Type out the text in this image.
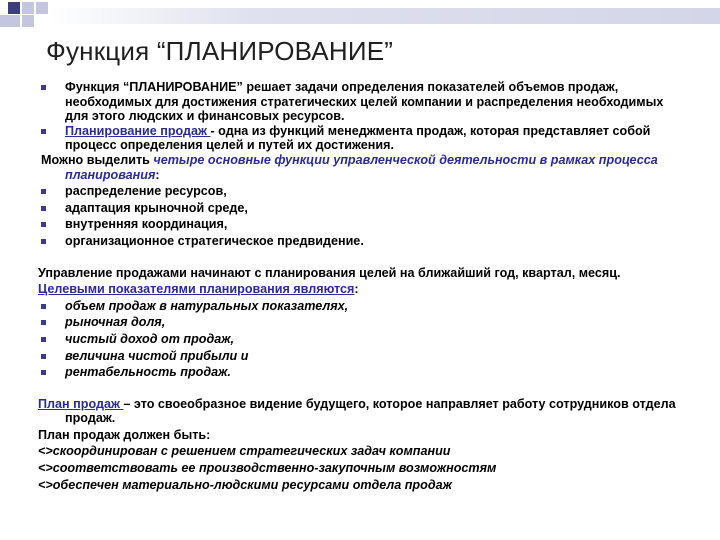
Функция “ПЛАНИРОВАНИЕ”

Функция “ПЛАНИРОВАНИЕ” решает задачи определения показателей объемов продаж, необходимых для достижения стратегических целей компании и распределения необходимых для этого людских и финансовых ресурсов.

Планирование продаж - одна из функций менеджмента продаж, которая представляет собой процесс определения целей и путей их достижения.

Можно выделить четыре основные функции управленческой деятельности в рамках процесса планирования:

распределение ресурсов,

адаптация крыночной среде,

внутренняя координация,

организационное стратегическое предвидение.

Управление продажами начинают с планирования целей на ближайший год, квартал, месяц.

Целевыми показателями планирования являются:

объем продаж в натуральных показателях,

рыночная доля,

чистый доход от продаж,

величина чистой прибыли и

рентабельность продаж.

План продаж – это своеобразное видение будущего, которое направляет работу сотрудников отдела продаж.

План продаж должен быть:

<>скоординирован с решением стратегических задач компании

<>соответствовать ее производственно-закупочным возможностям

<>обеспечен материально-людскими ресурсами отдела продаж
